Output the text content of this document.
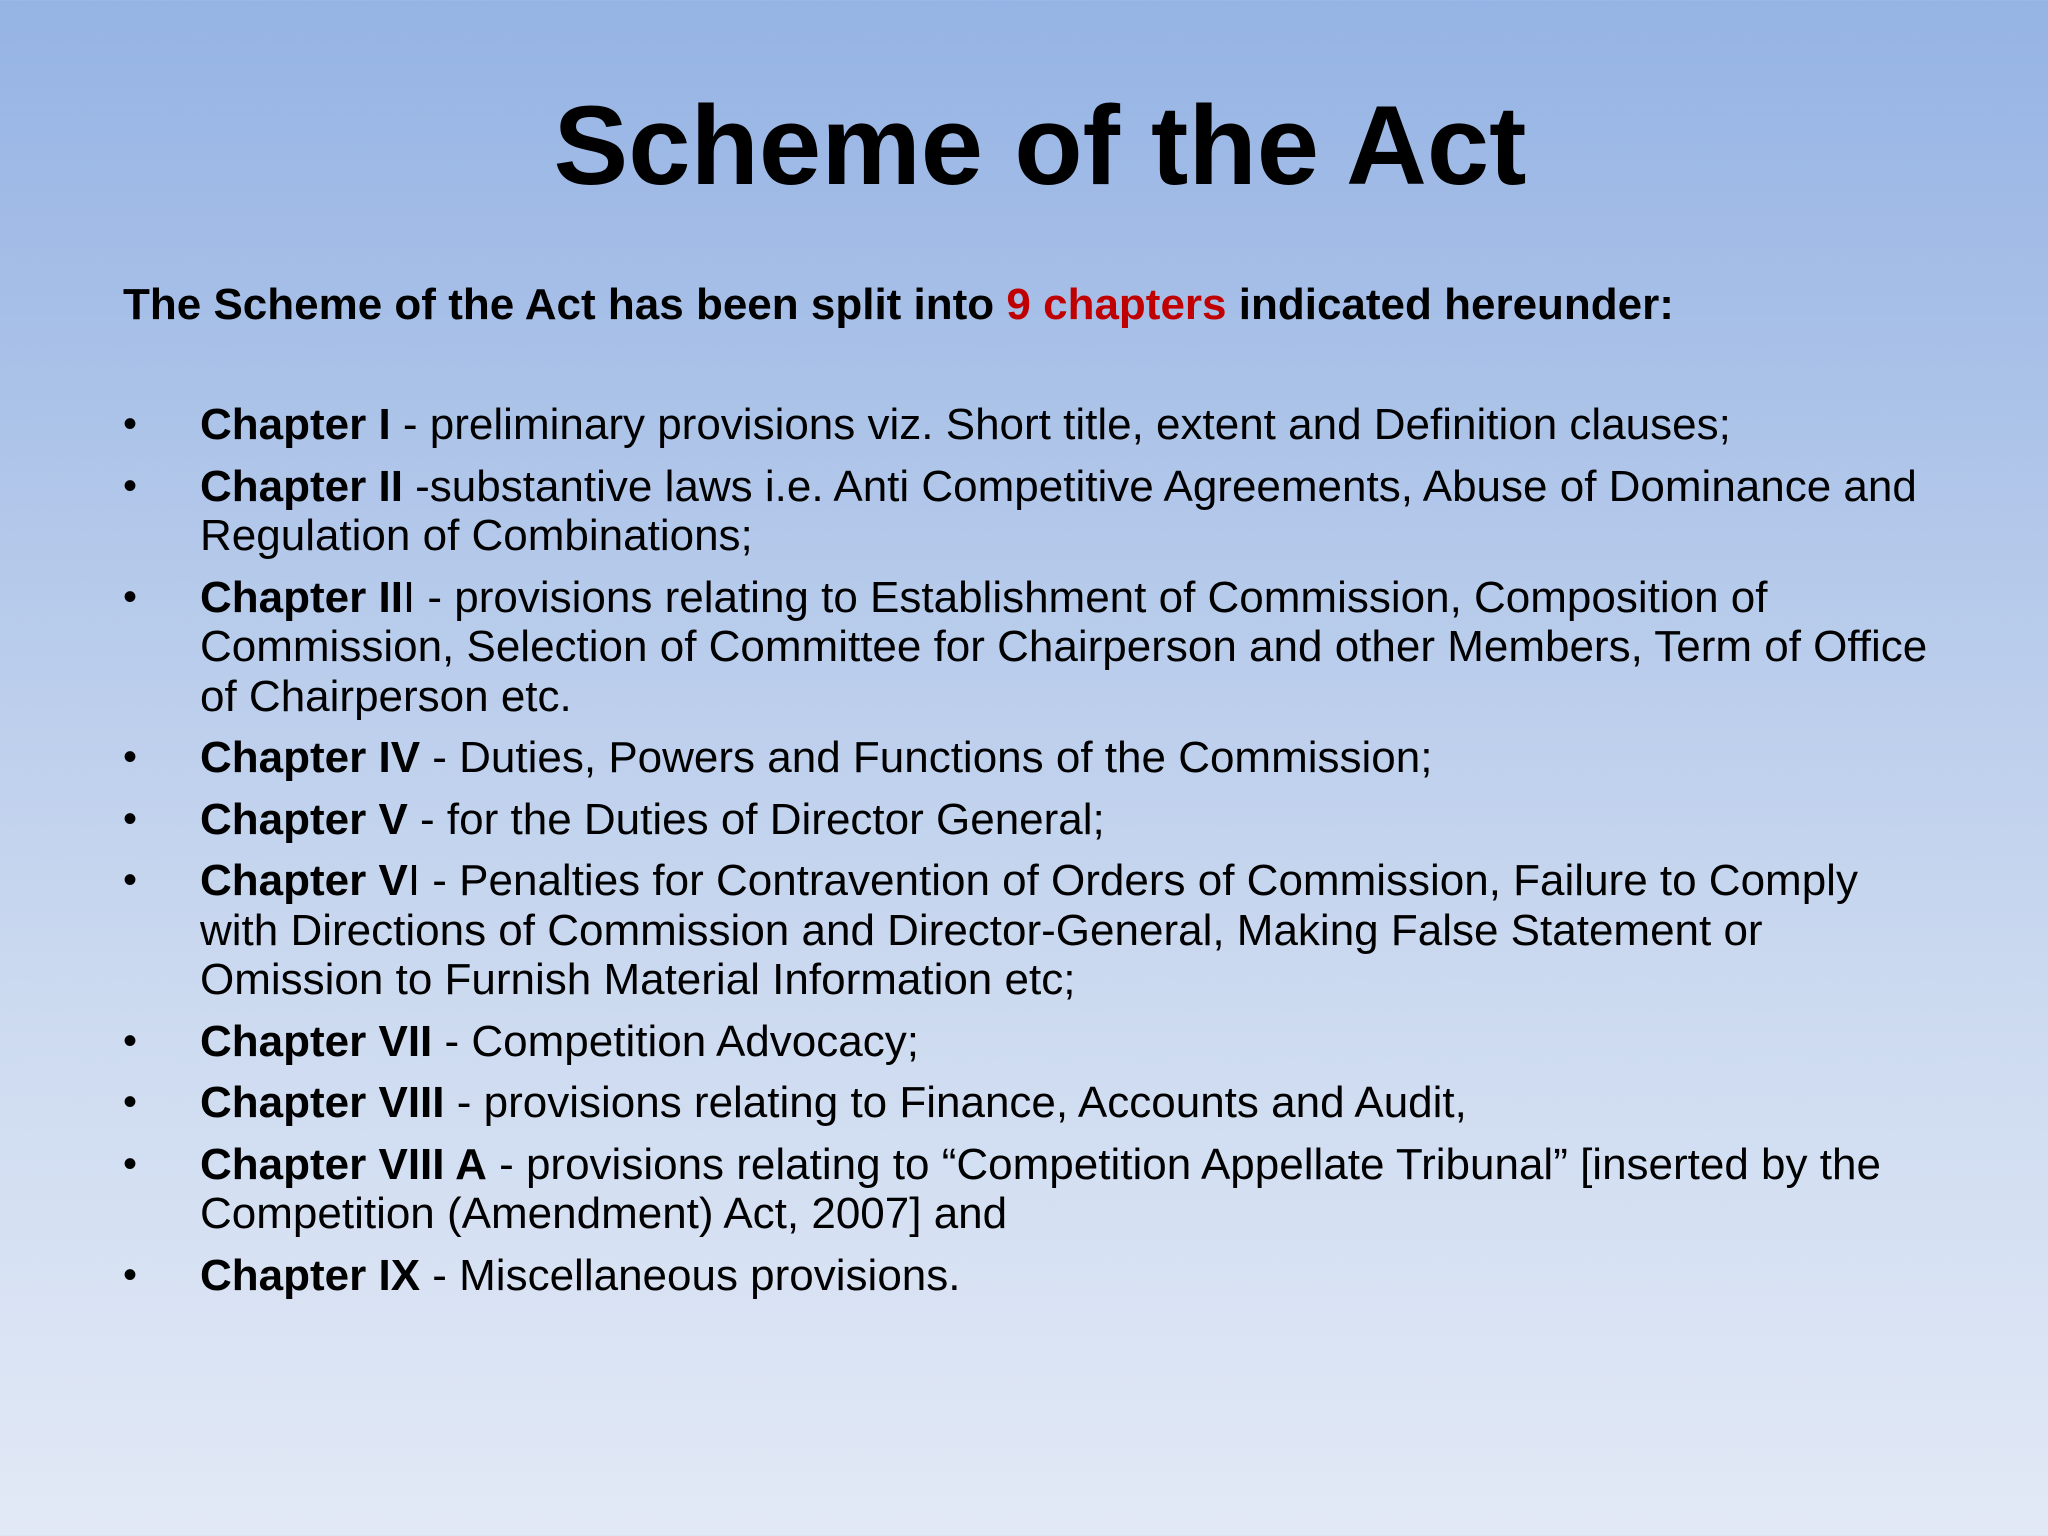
Scheme of the Act

The Scheme of the Act has been split into 9 chapters indicated hereunder:

• Chapter I - preliminary provisions viz. Short title, extent and Definition clauses;
• Chapter II -substantive laws i.e. Anti Competitive Agreements, Abuse of Dominance and Regulation of Combinations;
• Chapter III - provisions relating to Establishment of Commission, Composition of Commission, Selection of Committee for Chairperson and other Members, Term of Office of Chairperson etc.
• Chapter IV - Duties, Powers and Functions of the Commission;
• Chapter V - for the Duties of Director General;
• Chapter VI - Penalties for Contravention of Orders of Commission, Failure to Comply with Directions of Commission and Director-General, Making False Statement or Omission to Furnish Material Information etc;
• Chapter VII - Competition Advocacy;
• Chapter VIII - provisions relating to Finance, Accounts and Audit,
• Chapter VIII A - provisions relating to “Competition Appellate Tribunal” [inserted by the Competition (Amendment) Act, 2007] and
• Chapter IX - Miscellaneous provisions.
